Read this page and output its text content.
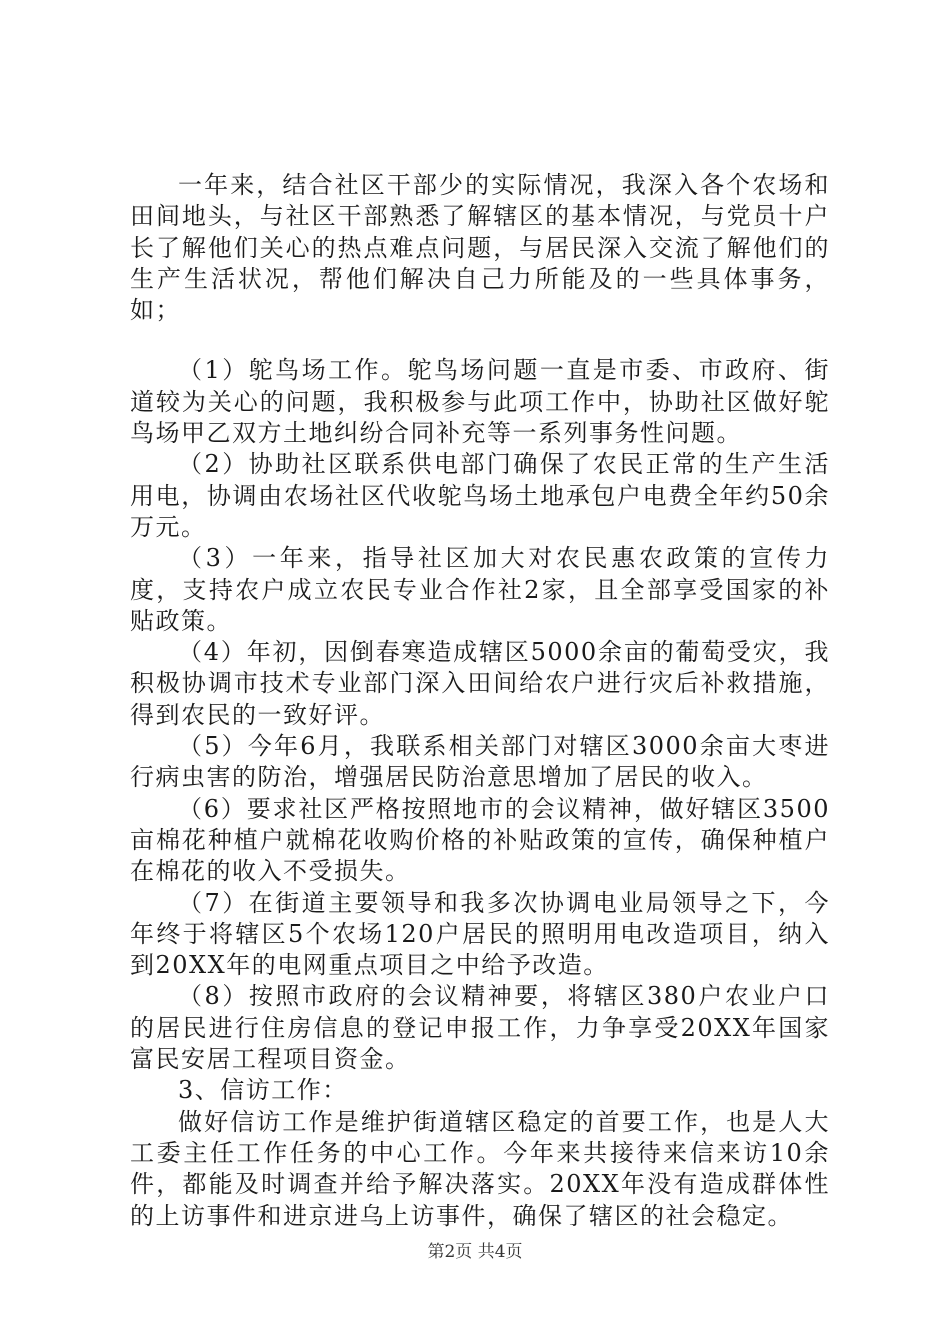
一年来，结合社区干部少的实际情况，我深入各个农场和田间地头，与社区干部熟悉了解辖区的基本情况，与党员十户长了解他们关心的热点难点问题，与居民深入交流了解他们的生产生活状况，帮他们解决自己力所能及的一些具体事务，如；

（1）鸵鸟场工作。鸵鸟场问题一直是市委、市政府、街道较为关心的问题，我积极参与此项工作中，协助社区做好鸵鸟场甲乙双方土地纠纷合同补充等一系列事务性问题。

（2）协助社区联系供电部门确保了农民正常的生产生活用电，协调由农场社区代收鸵鸟场土地承包户电费全年约50余万元。

（3）一年来，指导社区加大对农民惠农政策的宣传力度，支持农户成立农民专业合作社2家，且全部享受国家的补贴政策。

（4）年初，因倒春寒造成辖区5000余亩的葡萄受灾，我积极协调市技术专业部门深入田间给农户进行灾后补救措施，得到农民的一致好评。

（5）今年6月，我联系相关部门对辖区3000余亩大枣进行病虫害的防治，增强居民防治意思增加了居民的收入。

（6）要求社区严格按照地市的会议精神，做好辖区3500亩棉花种植户就棉花收购价格的补贴政策的宣传，确保种植户在棉花的收入不受损失。

（7）在街道主要领导和我多次协调电业局领导之下，今年终于将辖区5个农场120户居民的照明用电改造项目，纳入到20XX年的电网重点项目之中给予改造。

（8）按照市政府的会议精神要，将辖区380户农业户口的居民进行住房信息的登记申报工作，力争享受20XX年国家富民安居工程项目资金。

3、信访工作：

做好信访工作是维护街道辖区稳定的首要工作，也是人大工委主任工作任务的中心工作。今年来共接待来信来访10余件，都能及时调查并给予解决落实。20XX年没有造成群体性的上访事件和进京进乌上访事件，确保了辖区的社会稳定。

第2页 共4页
